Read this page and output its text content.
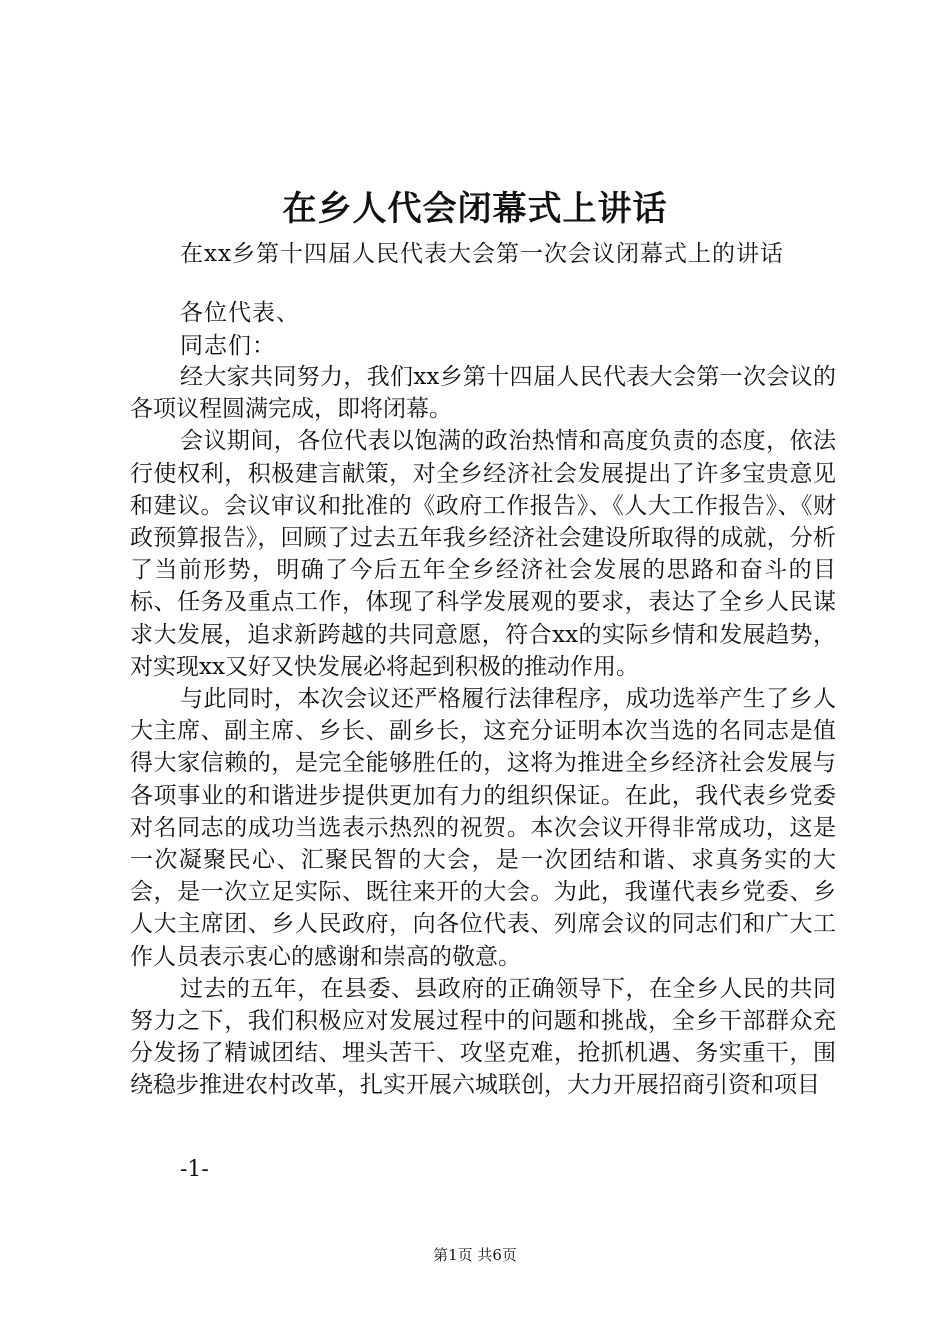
在乡人代会闭幕式上讲话
在xx乡第十四届人民代表大会第一次会议闭幕式上的讲话
各位代表、
同志们：

经大家共同努力，我们xx乡第十四届人民代表大会第一次会议的各项议程圆满完成，即将闭幕。

会议期间，各位代表以饱满的政治热情和高度负责的态度，依法行使权利，积极建言献策，对全乡经济社会发展提出了许多宝贵意见和建议。会议审议和批准的《政府工作报告》、《人大工作报告》、《财政预算报告》，回顾了过去五年我乡经济社会建设所取得的成就，分析了当前形势，明确了今后五年全乡经济社会发展的思路和奋斗的目标、任务及重点工作，体现了科学发展观的要求，表达了全乡人民谋求大发展，追求新跨越的共同意愿，符合xx的实际乡情和发展趋势，对实现xx又好又快发展必将起到积极的推动作用。

与此同时，本次会议还严格履行法律程序，成功选举产生了乡人大主席、副主席、乡长、副乡长，这充分证明本次当选的名同志是值得大家信赖的，是完全能够胜任的，这将为推进全乡经济社会发展与各项事业的和谐进步提供更加有力的组织保证。在此，我代表乡党委对名同志的成功当选表示热烈的祝贺。本次会议开得非常成功，这是一次凝聚民心、汇聚民智的大会，是一次团结和谐、求真务实的大会，是一次立足实际、既往来开的大会。为此，我谨代表乡党委、乡人大主席团、乡人民政府，向各位代表、列席会议的同志们和广大工作人员表示衷心的感谢和崇高的敬意。

过去的五年，在县委、县政府的正确领导下，在全乡人民的共同努力之下，我们积极应对发展过程中的问题和挑战，全乡干部群众充分发扬了精诚团结、埋头苦干、攻坚克难，抢抓机遇、务实重干，围绕稳步推进农村改革，扎实开展六城联创，大力开展招商引资和项目

-1-
第1页 共6页
